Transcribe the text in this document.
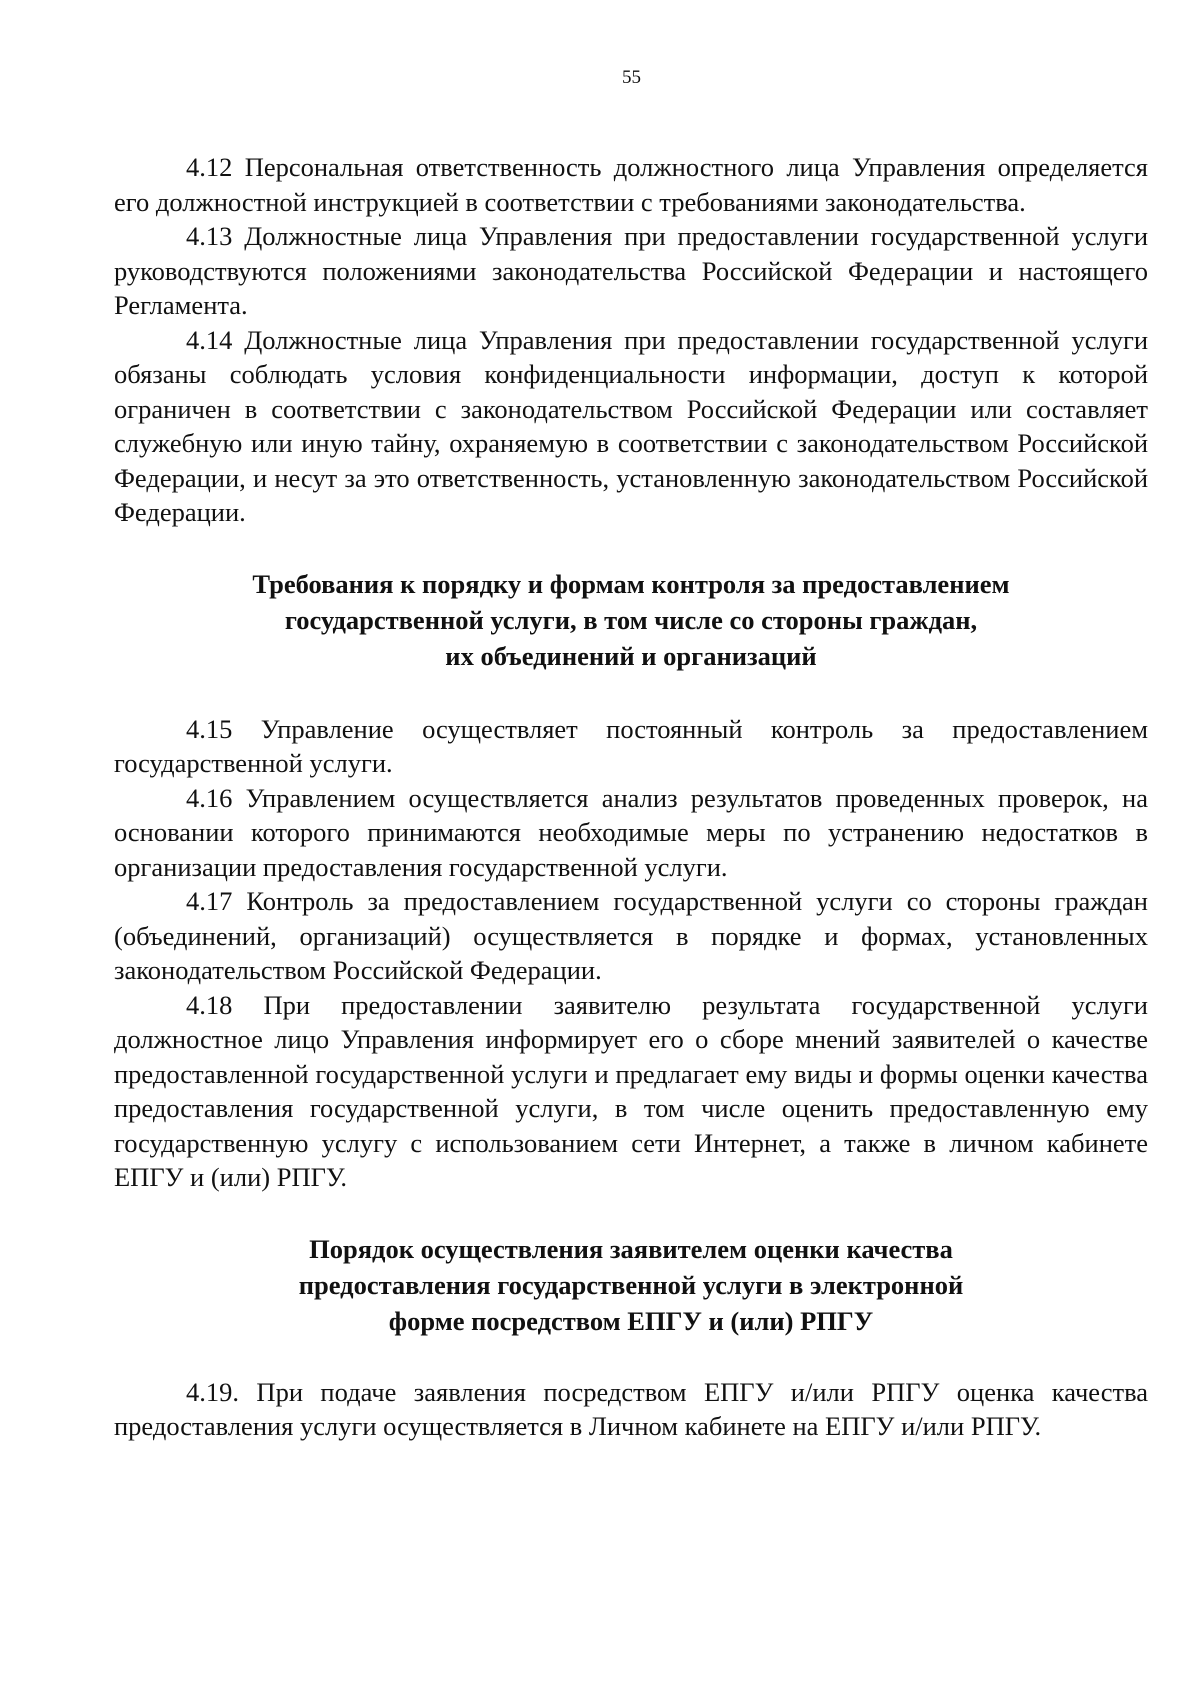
55

4.12 Персональная ответственность должностного лица Управления определяется его должностной инструкцией в соответствии с требованиями законодательства.

4.13 Должностные лица Управления при предоставлении государственной услуги руководствуются положениями законодательства Российской Федерации и настоящего Регламента.

4.14 Должностные лица Управления при предоставлении государственной услуги обязаны соблюдать условия конфиденциальности информации, доступ к которой ограничен в соответствии с законодательством Российской Федерации или составляет служебную или иную тайну, охраняемую в соответствии с законодательством Российской Федерации, и несут за это ответственность, установленную законодательством Российской Федерации.

Требования к порядку и формам контроля за предоставлением
государственной услуги, в том числе со стороны граждан,
их объединений и организаций

4.15 Управление осуществляет постоянный контроль за предоставлением государственной услуги.

4.16 Управлением осуществляется анализ результатов проведенных проверок, на основании которого принимаются необходимые меры по устранению недостатков в организации предоставления государственной услуги.

4.17 Контроль за предоставлением государственной услуги со стороны граждан (объединений, организаций) осуществляется в порядке и формах, установленных законодательством Российской Федерации.

4.18 При предоставлении заявителю результата государственной услуги должностное лицо Управления информирует его о сборе мнений заявителей о качестве предоставленной государственной услуги и предлагает ему виды и формы оценки качества предоставления государственной услуги, в том числе оценить предоставленную ему государственную услугу с использованием сети Интернет, а также в личном кабинете ЕПГУ и (или) РПГУ.

Порядок осуществления заявителем оценки качества
предоставления государственной услуги в электронной
форме посредством ЕПГУ и (или) РПГУ

4.19. При подаче заявления посредством ЕПГУ и/или РПГУ оценка качества предоставления услуги осуществляется в Личном кабинете на ЕПГУ и/или РПГУ.
